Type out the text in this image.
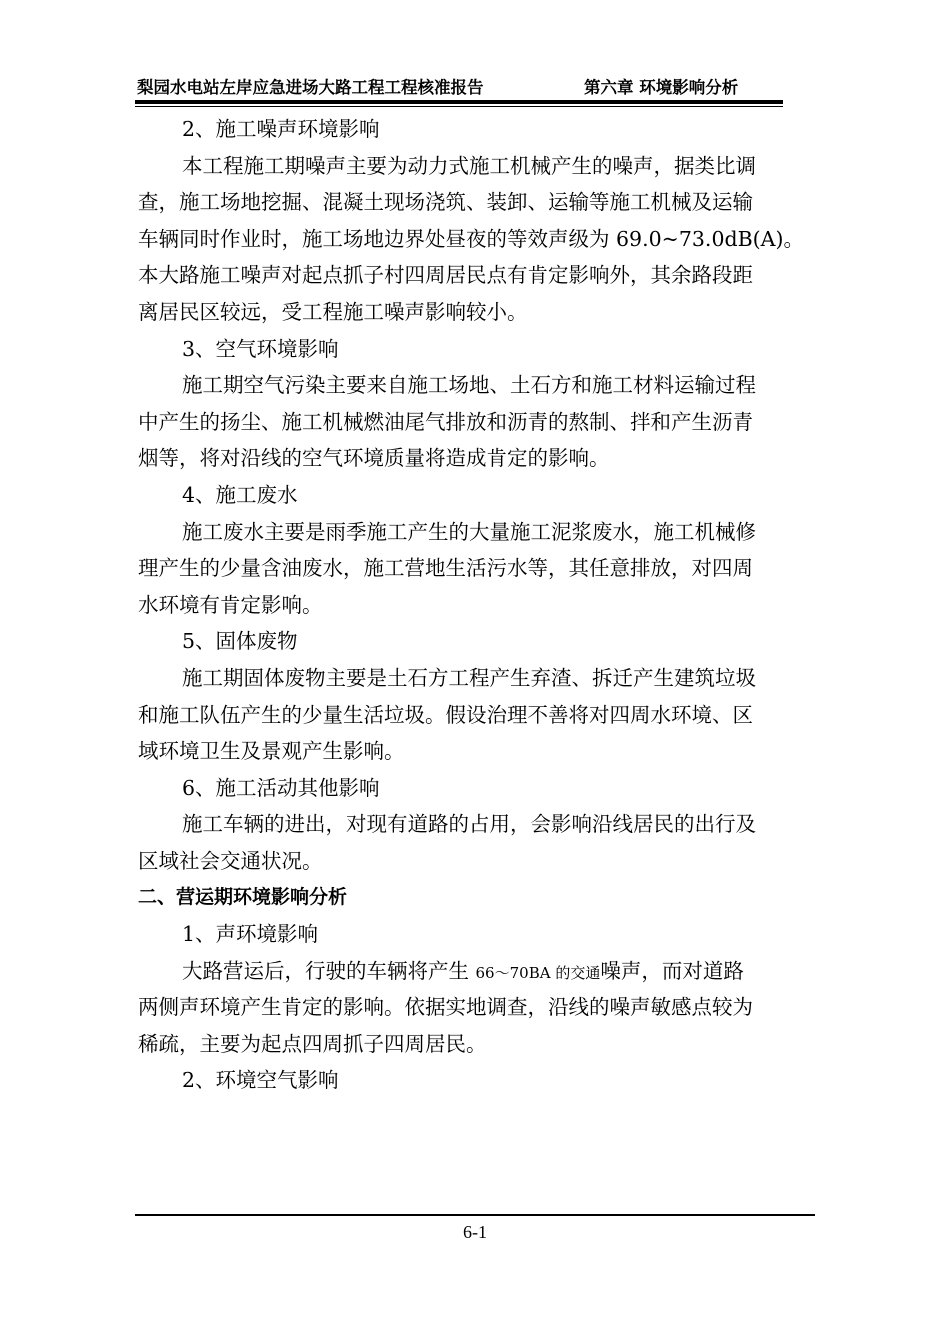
梨园水电站左岸应急进场大路工程工程核准报告	第六章 环境影响分析
2、施工噪声环境影响
本工程施工期噪声主要为动力式施工机械产生的噪声，据类比调
查，施工场地挖掘、混凝土现场浇筑、装卸、运输等施工机械及运输
车辆同时作业时，施工场地边界处昼夜的等效声级为 69.0~73.0dB(A)。
本大路施工噪声对起点抓子村四周居民点有肯定影响外，其余路段距
离居民区较远，受工程施工噪声影响较小。
3、空气环境影响
施工期空气污染主要来自施工场地、土石方和施工材料运输过程
中产生的扬尘、施工机械燃油尾气排放和沥青的熬制、拌和产生沥青
烟等，将对沿线的空气环境质量将造成肯定的影响。
4、施工废水
施工废水主要是雨季施工产生的大量施工泥浆废水，施工机械修
理产生的少量含油废水，施工营地生活污水等，其任意排放，对四周
水环境有肯定影响。
5、固体废物
施工期固体废物主要是土石方工程产生弃渣、拆迁产生建筑垃圾
和施工队伍产生的少量生活垃圾。假设治理不善将对四周水环境、区
域环境卫生及景观产生影响。
6、施工活动其他影响
施工车辆的进出，对现有道路的占用，会影响沿线居民的出行及
区域社会交通状况。
二、营运期环境影响分析
1、声环境影响
大路营运后，行驶的车辆将产生 66～70BA 的交通噪声，而对道路
两侧声环境产生肯定的影响。依据实地调查，沿线的噪声敏感点较为
稀疏，主要为起点四周抓子四周居民。
2、环境空气影响
6-1
